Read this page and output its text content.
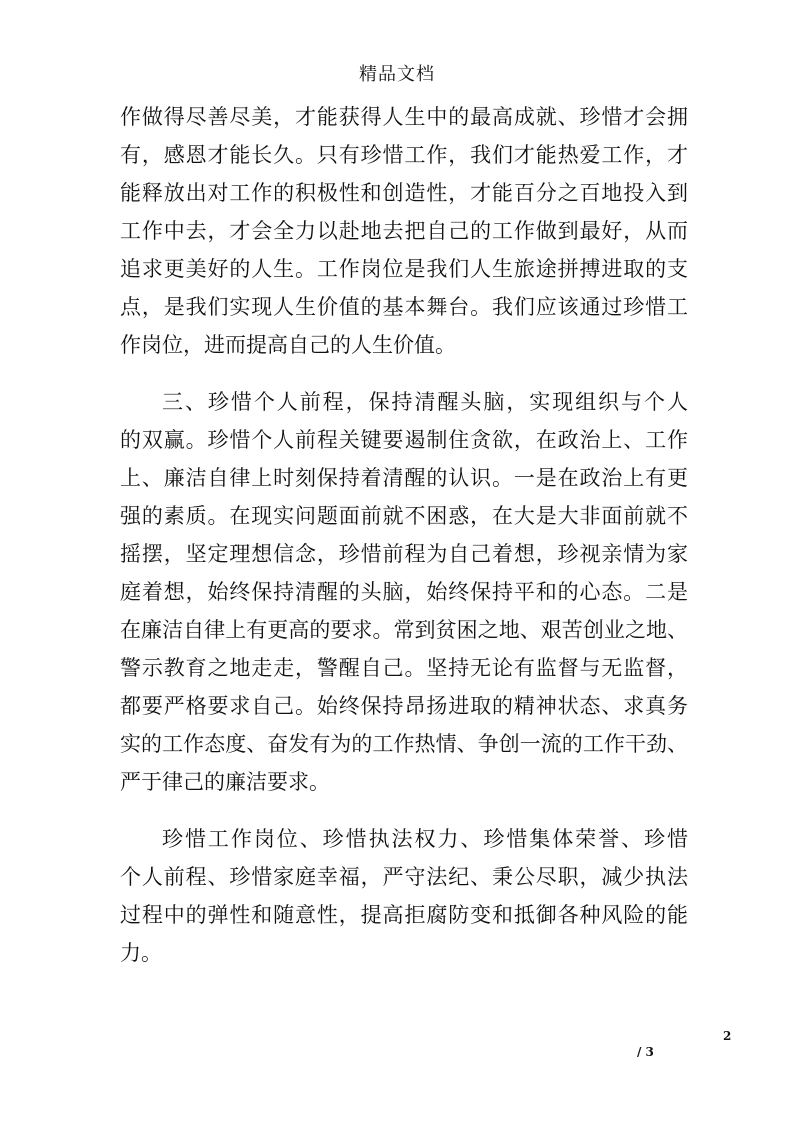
精品文档
作做得尽善尽美，才能获得人生中的最高成就、珍惜才会拥
有，感恩才能长久。只有珍惜工作，我们才能热爱工作，才
能释放出对工作的积极性和创造性，才能百分之百地投入到
工作中去，才会全力以赴地去把自己的工作做到最好，从而
追求更美好的人生。工作岗位是我们人生旅途拼搏进取的支
点，是我们实现人生价值的基本舞台。我们应该通过珍惜工
作岗位，进而提高自己的人生价值。
三、珍惜个人前程，保持清醒头脑，实现组织与个人
的双赢。珍惜个人前程关键要遏制住贪欲，在政治上、工作
上、廉洁自律上时刻保持着清醒的认识。一是在政治上有更
强的素质。在现实问题面前就不困惑，在大是大非面前就不
摇摆，坚定理想信念，珍惜前程为自己着想，珍视亲情为家
庭着想，始终保持清醒的头脑，始终保持平和的心态。二是
在廉洁自律上有更高的要求。常到贫困之地、艰苦创业之地、
警示教育之地走走，警醒自己。坚持无论有监督与无监督，
都要严格要求自己。始终保持昂扬进取的精神状态、求真务
实的工作态度、奋发有为的工作热情、争创一流的工作干劲、
严于律己的廉洁要求。
珍惜工作岗位、珍惜执法权力、珍惜集体荣誉、珍惜
个人前程、珍惜家庭幸福，严守法纪、秉公尽职，减少执法
过程中的弹性和随意性，提高拒腐防变和抵御各种风险的能
力。
2
/ 3
